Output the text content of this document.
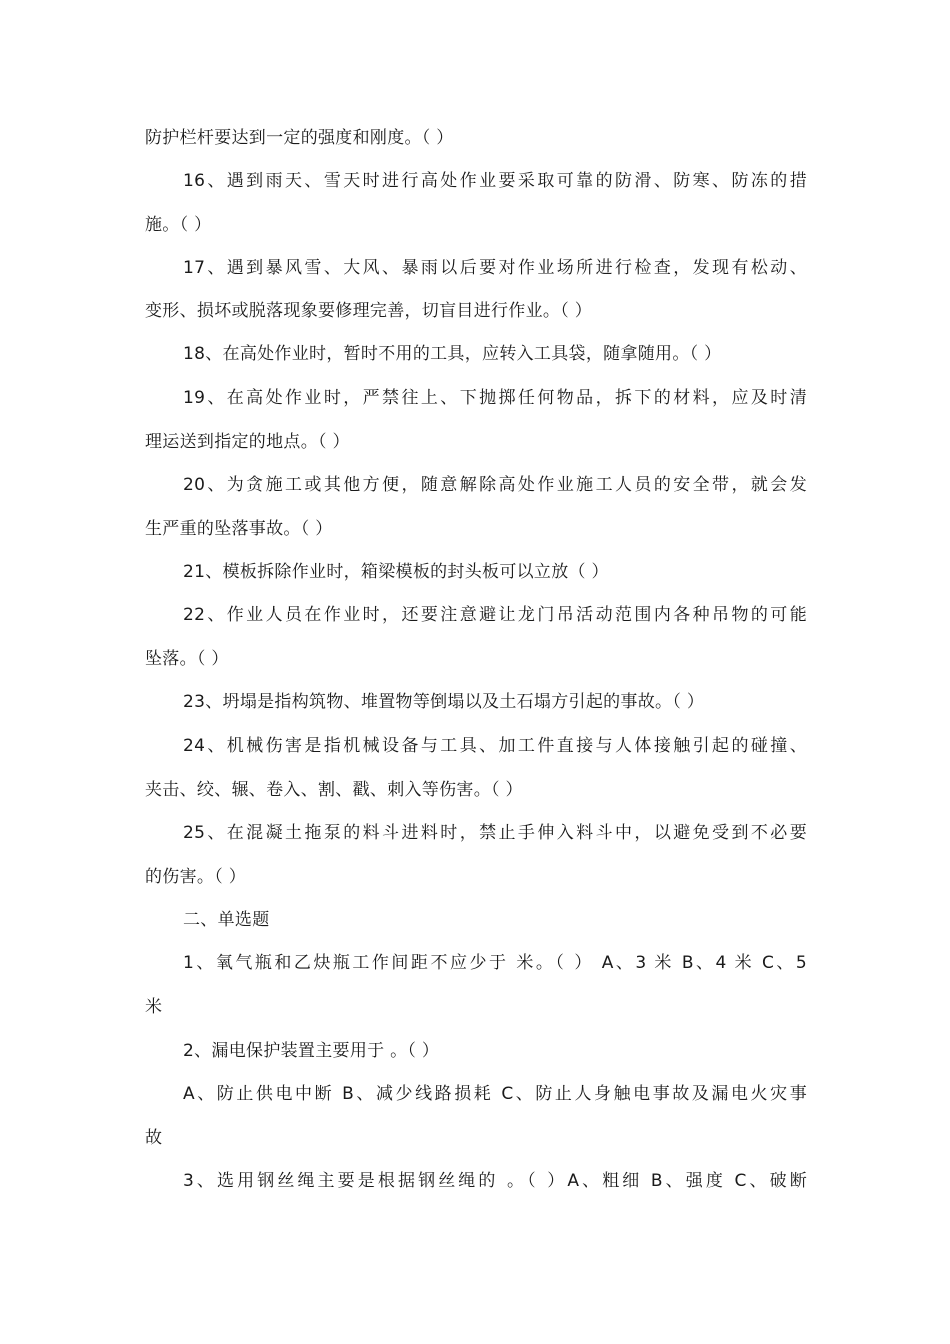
防护栏杆要达到一定的强度和刚度。（ ）
16、遇到雨天、雪天时进行高处作业要采取可靠的防滑、防寒、防冻的措
施。（ ）
17、遇到暴风雪、大风、暴雨以后要对作业场所进行检查，发现有松动、
变形、损坏或脱落现象要修理完善，切盲目进行作业。（ ）
18、在高处作业时，暂时不用的工具，应转入工具袋，随拿随用。（ ）
19、在高处作业时，严禁往上、下抛掷任何物品，拆下的材料，应及时清
理运送到指定的地点。（ ）
20、为贪施工或其他方便，随意解除高处作业施工人员的安全带，就会发
生严重的坠落事故。（ ）
21、模板拆除作业时，箱梁模板的封头板可以立放（ ）
22、作业人员在作业时，还要注意避让龙门吊活动范围内各种吊物的可能
坠落。（ ）
23、坍塌是指构筑物、堆置物等倒塌以及土石塌方引起的事故。（ ）
24、机械伤害是指机械设备与工具、加工件直接与人体接触引起的碰撞、
夹击、绞、辗、卷入、割、戳、刺入等伤害。（ ）
25、在混凝土拖泵的料斗进料时，禁止手伸入料斗中，以避免受到不必要
的伤害。（ ）
二、单选题
1、氧气瓶和乙炔瓶工作间距不应少于 米。（ ） A、3 米 B、4 米 C、5
米
2、漏电保护装置主要用于 。（ ）
A、防止供电中断 B、减少线路损耗 C、防止人身触电事故及漏电火灾事
故
3、选用钢丝绳主要是根据钢丝绳的 。（ ）A、粗细 B、强度 C、破断
